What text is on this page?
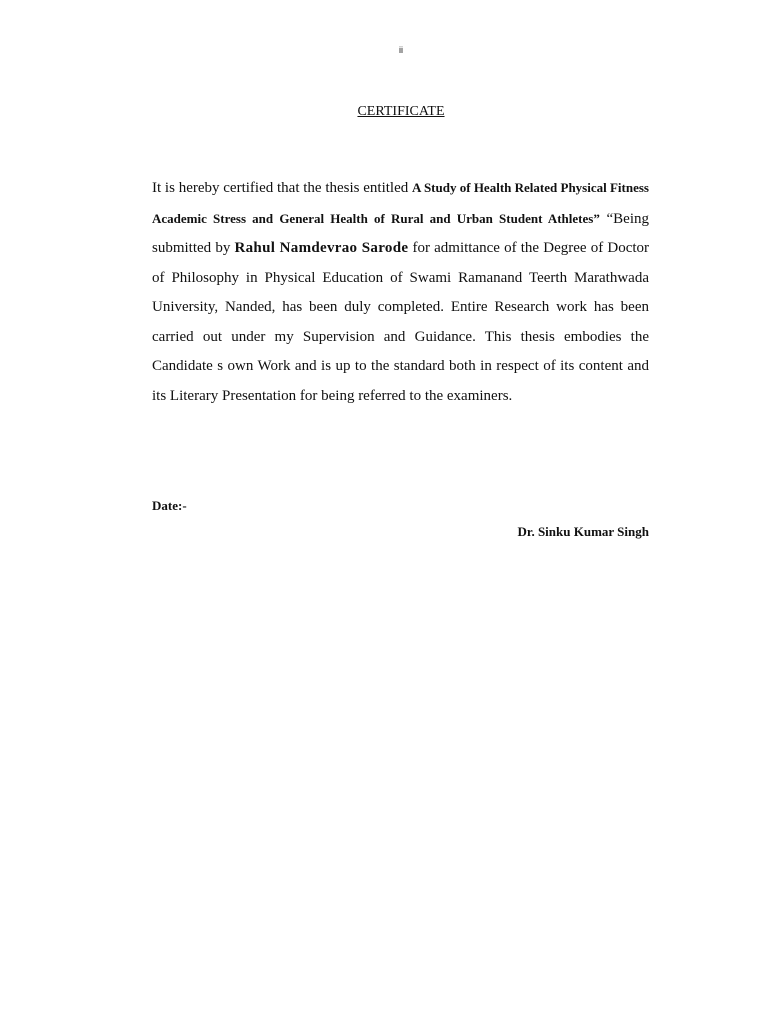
ii
CERTIFICATE
It is hereby certified that the thesis entitled A Study of Health Related Physical Fitness Academic Stress and General Health of Rural and Urban Student Athletes” “Being submitted by Rahul Namdevrao Sarode for admittance of the Degree of Doctor of Philosophy in Physical Education of Swami Ramanand Teerth Marathwada University, Nanded, has been duly completed. Entire Research work has been carried out under my Supervision and Guidance. This thesis embodies the Candidate s own Work and is up to the standard both in respect of its content and its Literary Presentation for being referred to the examiners.
Date:-
Dr. Sinku Kumar Singh
